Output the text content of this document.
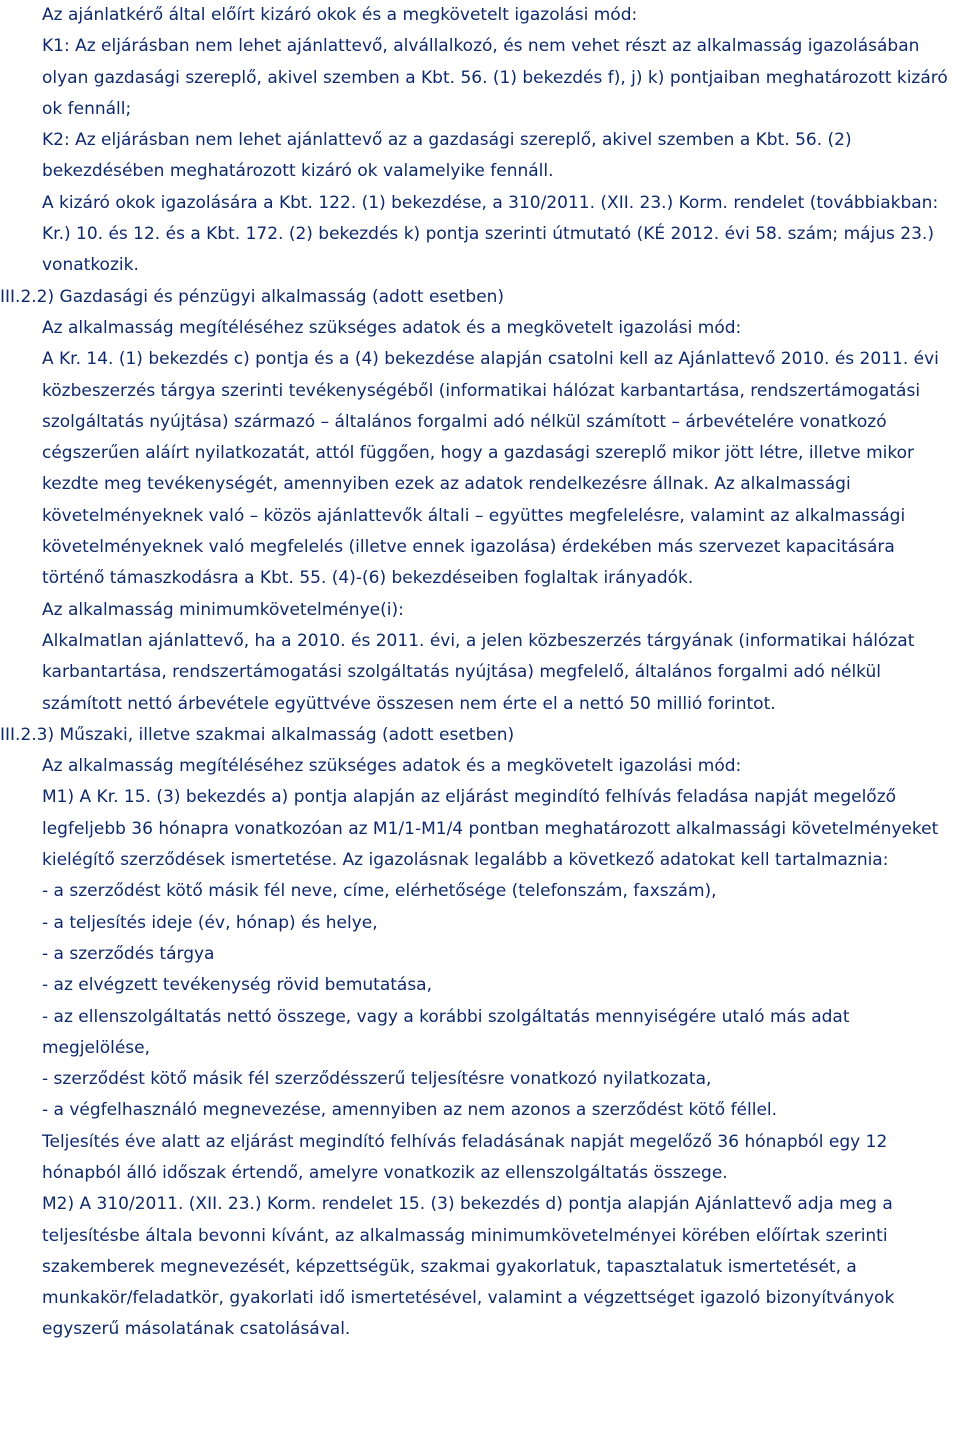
Az ajánlatkérő által előírt kizáró okok és a megkövetelt igazolási mód:

K1: Az eljárásban nem lehet ajánlattevő, alvállalkozó, és nem vehet részt az alkalmasság igazolásában olyan gazdasági szereplő, akivel szemben a Kbt. 56. (1) bekezdés f), j) k) pontjaiban meghatározott kizáró ok fennáll;

K2: Az eljárásban nem lehet ajánlattevő az a gazdasági szereplő, akivel szemben a Kbt. 56. (2) bekezdésében meghatározott kizáró ok valamelyike fennáll.

A kizáró okok igazolására a Kbt. 122. (1) bekezdése, a 310/2011. (XII. 23.) Korm. rendelet (továbbiakban: Kr.) 10. és 12. és a Kbt. 172. (2) bekezdés k) pontja szerinti útmutató (KÉ 2012. évi 58. szám; május 23.) vonatkozik.

III.2.2) Gazdasági és pénzügyi alkalmasság (adott esetben)

Az alkalmasság megítéléséhez szükséges adatok és a megkövetelt igazolási mód:

A Kr. 14. (1) bekezdés c) pontja és a (4) bekezdése alapján csatolni kell az Ajánlattevő 2010. és 2011. évi közbeszerzés tárgya szerinti tevékenységéből (informatikai hálózat karbantartása, rendszertámogatási szolgáltatás nyújtása) származó – általános forgalmi adó nélkül számított – árbevételére vonatkozó cégszerűen aláírt nyilatkozatát, attól függően, hogy a gazdasági szereplő mikor jött létre, illetve mikor kezdte meg tevékenységét, amennyiben ezek az adatok rendelkezésre állnak. Az alkalmassági követelményeknek való – közös ajánlattevők általi – együttes megfelelésre, valamint az alkalmassági követelményeknek való megfelelés (illetve ennek igazolása) érdekében más szervezet kapacitására történő támaszkodásra a Kbt. 55. (4)-(6) bekezdéseiben foglaltak irányadók.

Az alkalmasság minimumkövetelménye(i):

Alkalmatlan ajánlattevő, ha a 2010. és 2011. évi, a jelen közbeszerzés tárgyának (informatikai hálózat karbantartása, rendszertámogatási szolgáltatás nyújtása) megfelelő, általános forgalmi adó nélkül számított nettó árbevétele együttvéve összesen nem érte el a nettó 50 millió forintot.

III.2.3) Műszaki, illetve szakmai alkalmasság (adott esetben)

Az alkalmasság megítéléséhez szükséges adatok és a megkövetelt igazolási mód:

M1) A Kr. 15. (3) bekezdés a) pontja alapján az eljárást megindító felhívás feladása napját megelőző legfeljebb 36 hónapra vonatkozóan az M1/1-M1/4 pontban meghatározott alkalmassági követelményeket kielégítő szerződések ismertetése. Az igazolásnak legalább a következő adatokat kell tartalmaznia:

- a szerződést kötő másik fél neve, címe, elérhetősége (telefonszám, faxszám),

- a teljesítés ideje (év, hónap) és helye,

- a szerződés tárgya

- az elvégzett tevékenység rövid bemutatása,

- az ellenszolgáltatás nettó összege, vagy a korábbi szolgáltatás mennyiségére utaló más adat megjelölése,

- szerződést kötő másik fél szerződésszerű teljesítésre vonatkozó nyilatkozata,

- a végfelhasználó megnevezése, amennyiben az nem azonos a szerződést kötő féllel.

Teljesítés éve alatt az eljárást megindító felhívás feladásának napját megelőző 36 hónapból egy 12 hónapból álló időszak értendő, amelyre vonatkozik az ellenszolgáltatás összege.

M2) A 310/2011. (XII. 23.) Korm. rendelet 15. (3) bekezdés d) pontja alapján Ajánlattevő adja meg a teljesítésbe általa bevonni kívánt, az alkalmasság minimumkövetelményei körében előírtak szerinti szakemberek megnevezését, képzettségük, szakmai gyakorlatuk, tapasztalatuk ismertetését, a munkakör/feladatkör, gyakorlati idő ismertetésével, valamint a végzettséget igazoló bizonyítványok egyszerű másolatának csatolásával.
